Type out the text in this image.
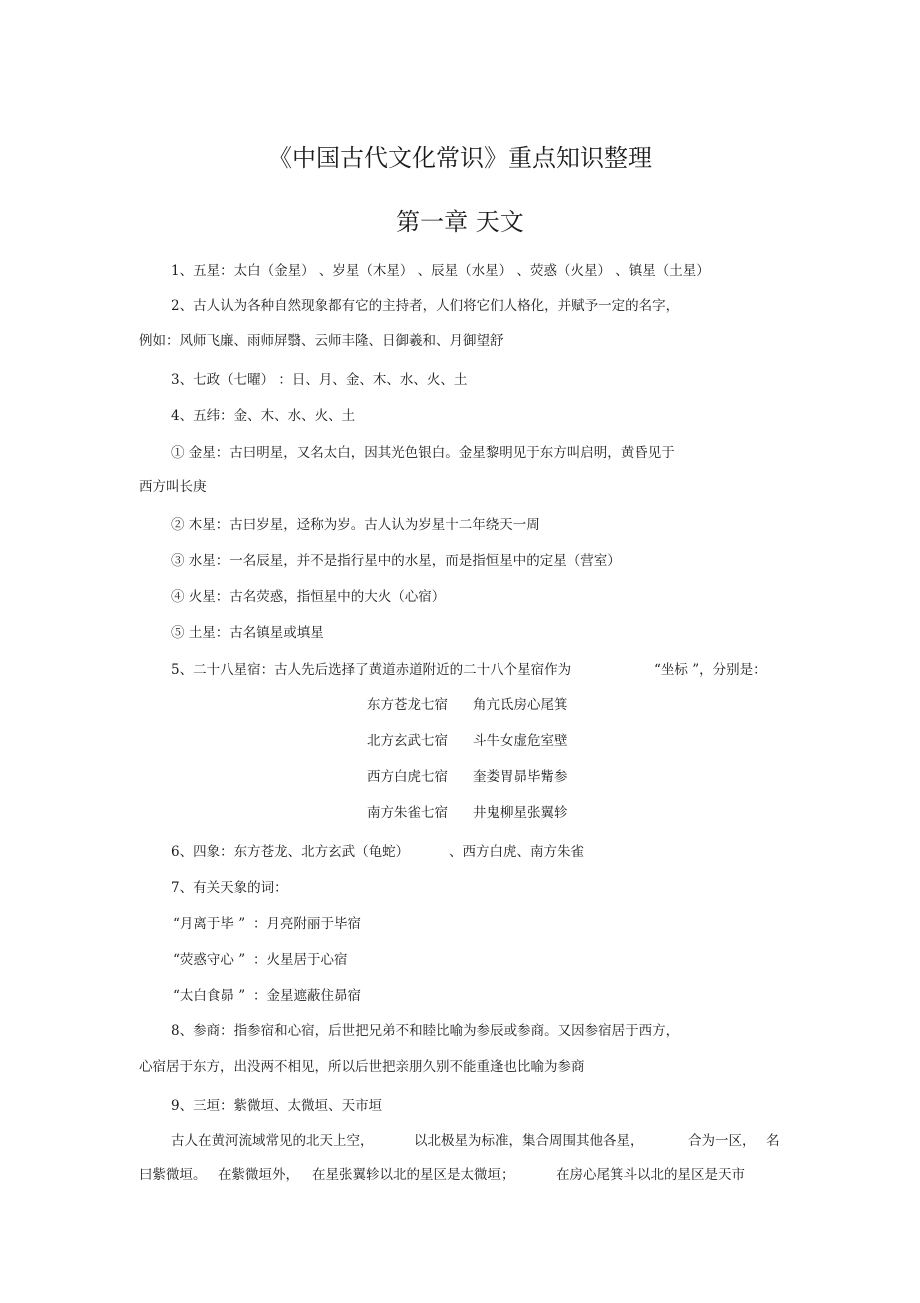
《中国古代文化常识》重点知识整理
第一章 天文
1、五星：太白（金星） 、岁星（木星） 、辰星（水星） 、荧惑（火星） 、镇星（土星）
2、古人认为各种自然现象都有它的主持者，人们将它们人格化，并赋予一定的名字，
例如：风师飞廉、雨师屏翳、云师丰隆、日御羲和、月御望舒
3、七政（七曜） ：日、月、金、木、水、火、土
4、五纬：金、木、水、火、土
① 金星：古曰明星，又名太白，因其光色银白。金星黎明见于东方叫启明，黄昏见于
西方叫长庚
② 木星：古曰岁星，迳称为岁。古人认为岁星十二年绕天一周
③ 水星：一名辰星，并不是指行星中的水星，而是指恒星中的定星（营室）
④ 火星：古名荧惑，指恒星中的大火（心宿）
⑤ 土星：古名镇星或填星
5、二十八星宿：古人先后选择了黄道赤道附近的二十八个星宿作为	“坐标 ”，分别是：
东方苍龙七宿 角亢氐房心尾箕
北方玄武七宿 斗牛女虚危室壁
西方白虎七宿 奎娄胃昴毕觜参
南方朱雀七宿 井鬼柳星张翼轸
6、四象：东方苍龙、北方玄武（龟蛇）	、西方白虎、南方朱雀
7、有关天象的词：
“月离于毕 ” ：月亮附丽于毕宿
“荧惑守心 ” ：火星居于心宿
“太白食昴 ” ：金星遮蔽住昴宿
8、参商：指参宿和心宿，后世把兄弟不和睦比喻为参辰或参商。又因参宿居于西方，
心宿居于东方，出没两不相见，所以后世把亲朋久别不能重逢也比喻为参商
9、三垣：紫微垣、太微垣、天市垣
古人在黄河流域常见的北天上空，	以北极星为标准，集合周围其他各星，	合为一区， 名
曰紫微垣。 在紫微垣外， 在星张翼轸以北的星区是太微垣；	在房心尾箕斗以北的星区是天市
